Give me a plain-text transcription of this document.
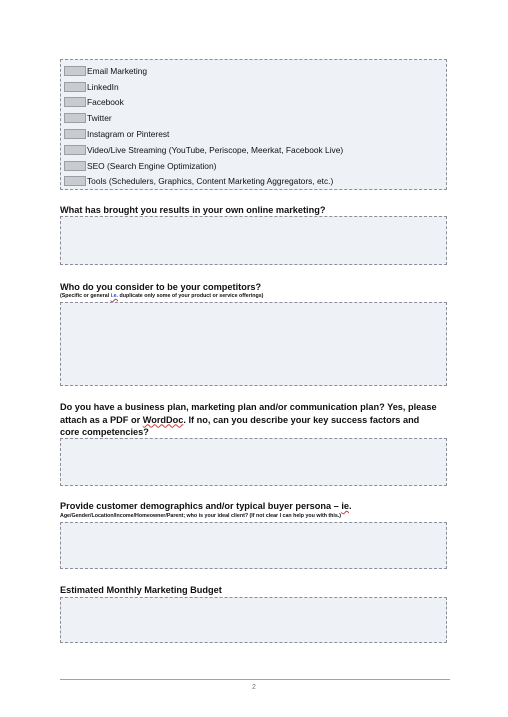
Email Marketing
LinkedIn
Facebook
Twitter
Instagram or Pinterest
Video/Live Streaming (YouTube, Periscope, Meerkat, Facebook Live)
SEO (Search Engine Optimization)
Tools (Schedulers, Graphics, Content Marketing Aggregators, etc.)
What has brought you results in your own online marketing?
Who do you consider to be your competitors?
(Specific or general i.e. duplicate only some of your product or service offerings)
Do you have a business plan, marketing plan and/or communication plan? Yes, please attach as a PDF or WordDoc. If no, can you describe your key success factors and core competencies?
Provide customer demographics and/or typical buyer persona – ie.
Age/Gender/Location/Income/Homeowner/Parent; who is your ideal client? (If not clear I can help you with this.)
Estimated Monthly Marketing Budget
2
